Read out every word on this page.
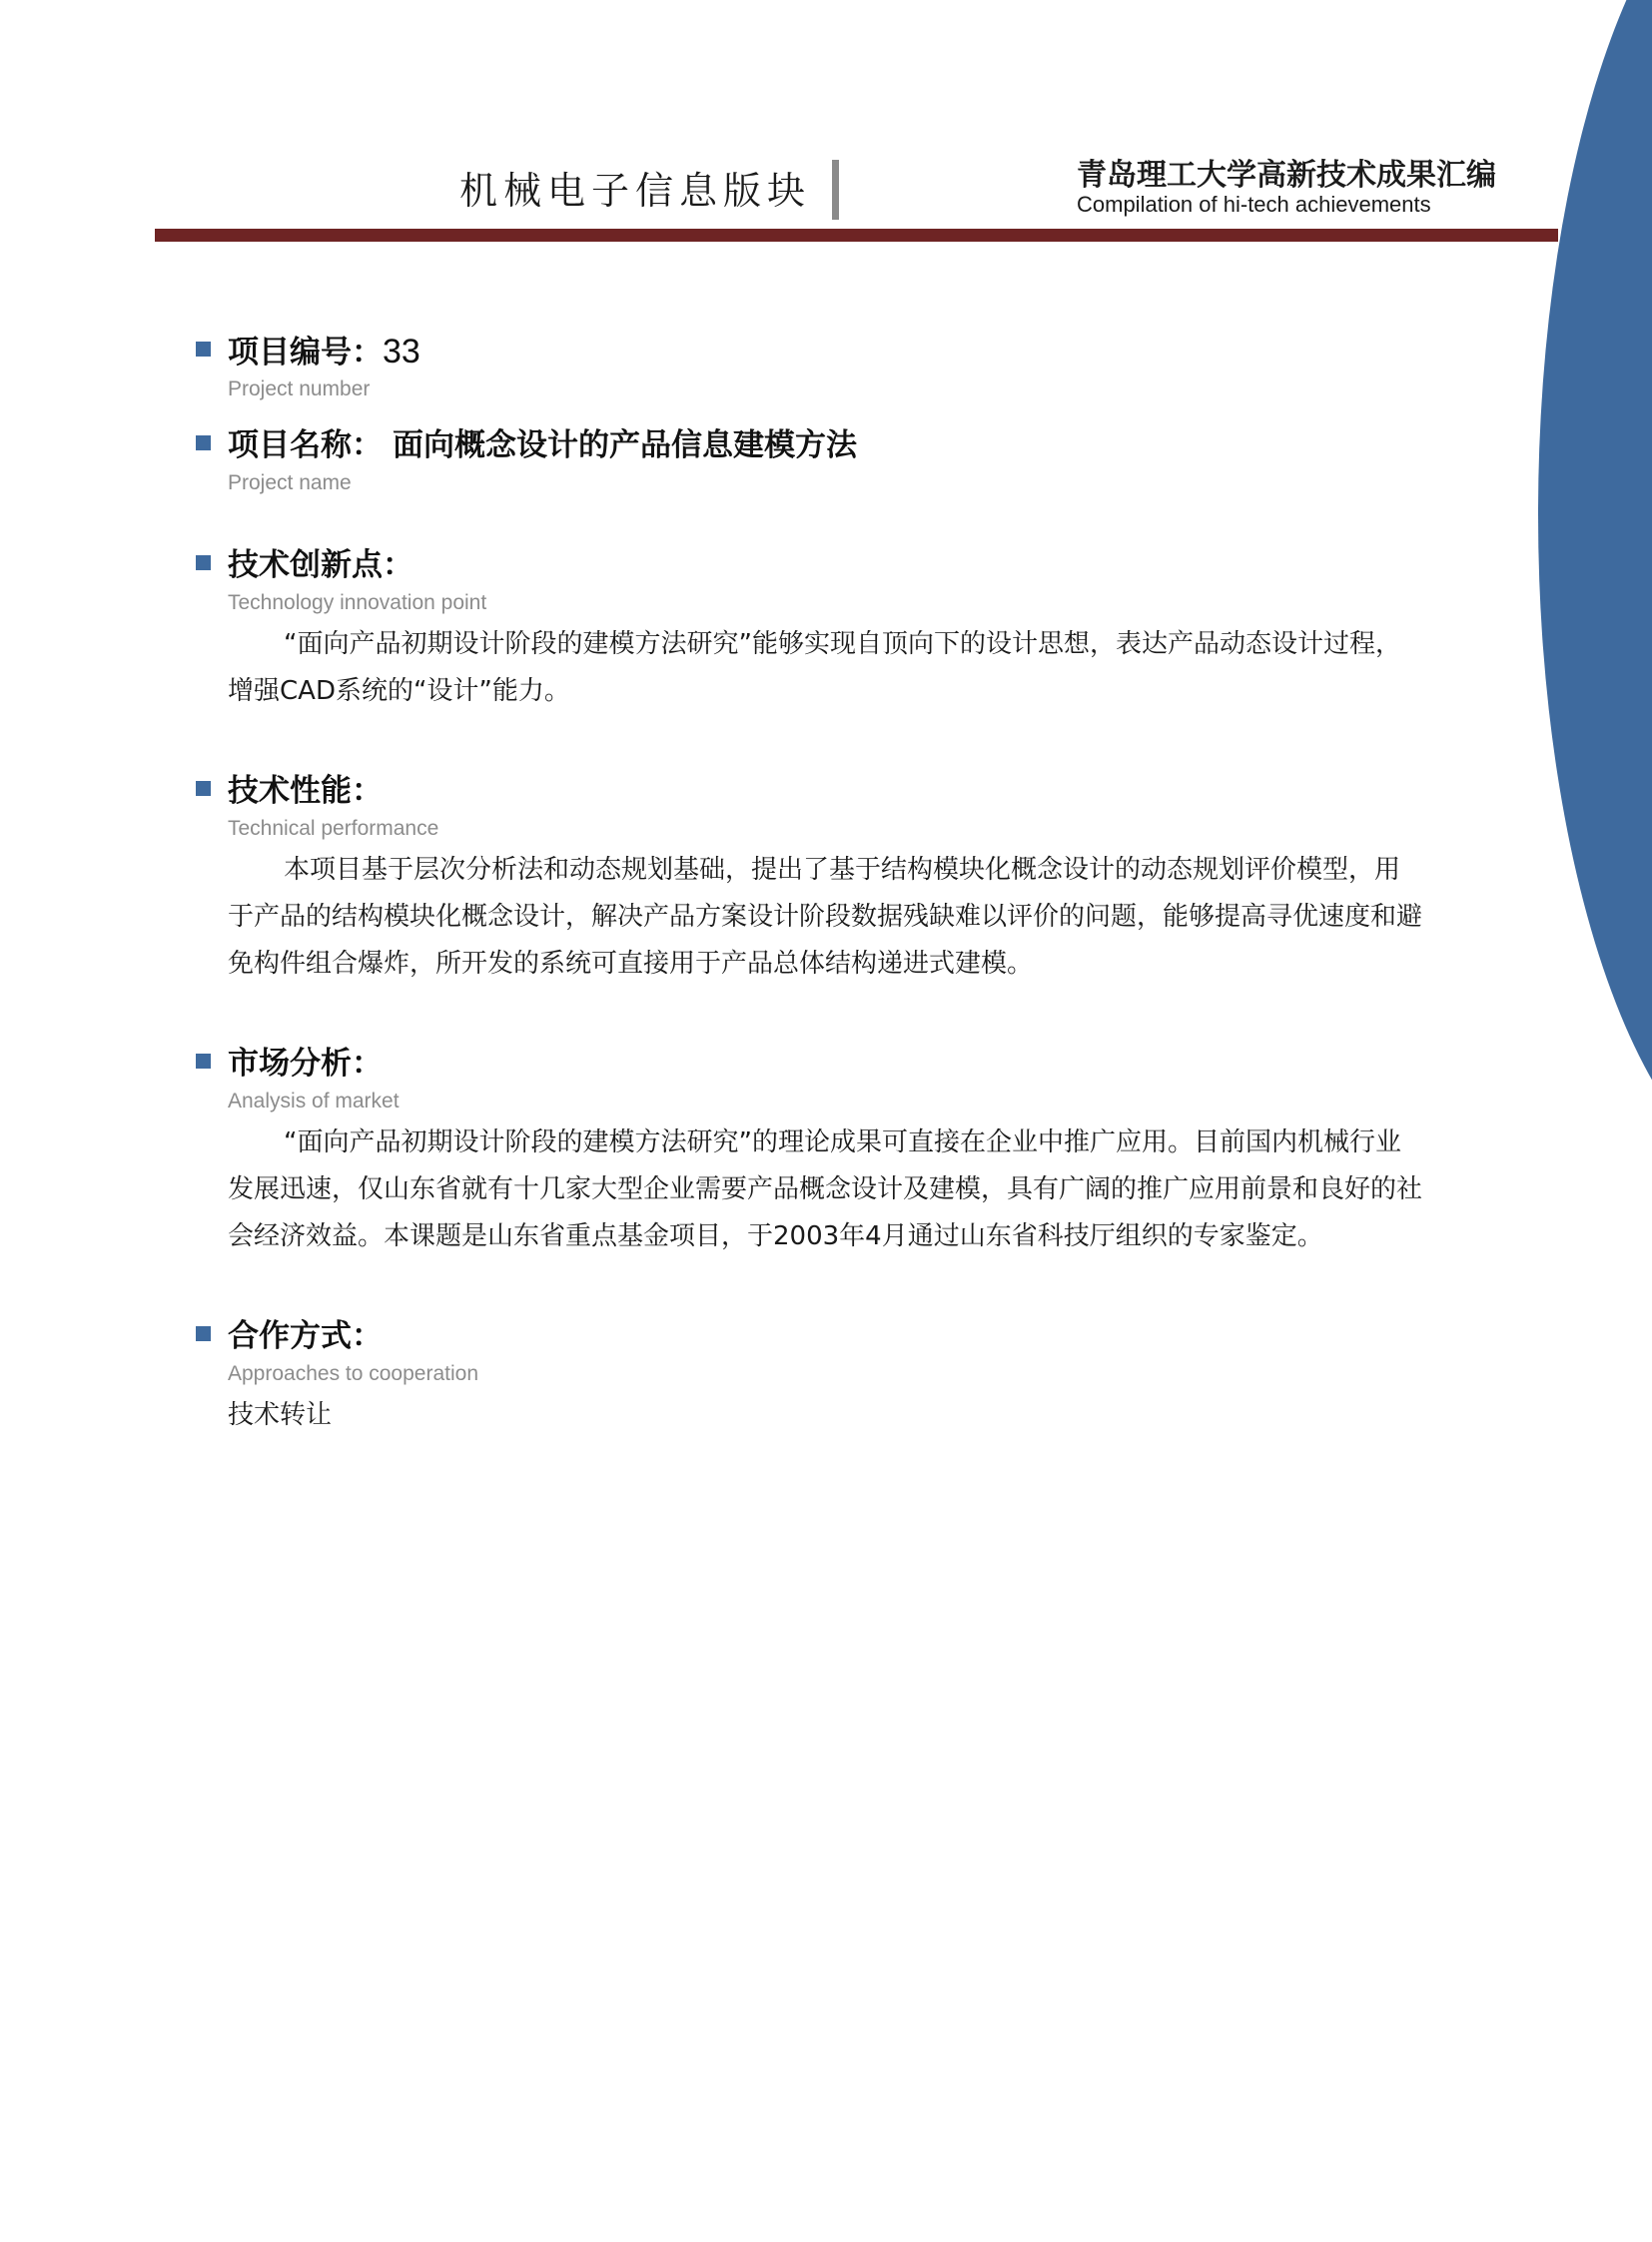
机械电子信息版块	青岛理工大学高新技术成果汇编
Compilation of hi-tech achievements
项目编号：33
Project number
项目名称： 面向概念设计的产品信息建模方法
Project name
技术创新点：
Technology innovation point
“面向产品初期设计阶段的建模方法研究”能够实现自顶向下的设计思想，表达产品动态设计过程，增强CAD系统的“设计”能力。
技术性能：
Technical performance
本项目基于层次分析法和动态规划基础，提出了基于结构模块化概念设计的动态规划评价模型，用于产品的结构模块化概念设计，解决产品方案设计阶段数据残缺难以评价的问题，能够提高寻优速度和避免构件组合爆炸，所开发的系统可直接用于产品总体结构递进式建模。
市场分析：
Analysis of market
“面向产品初期设计阶段的建模方法研究”的理论成果可直接在企业中推广应用。目前国内机械行业发展迅速，仅山东省就有十几家大型企业需要产品概念设计及建模，具有广阔的推广应用前景和良好的社会经济效益。本课题是山东省重点基金项目，于2003年4月通过山东省科技厅组织的专家鉴定。
合作方式：
Approaches to cooperation
技术转让
